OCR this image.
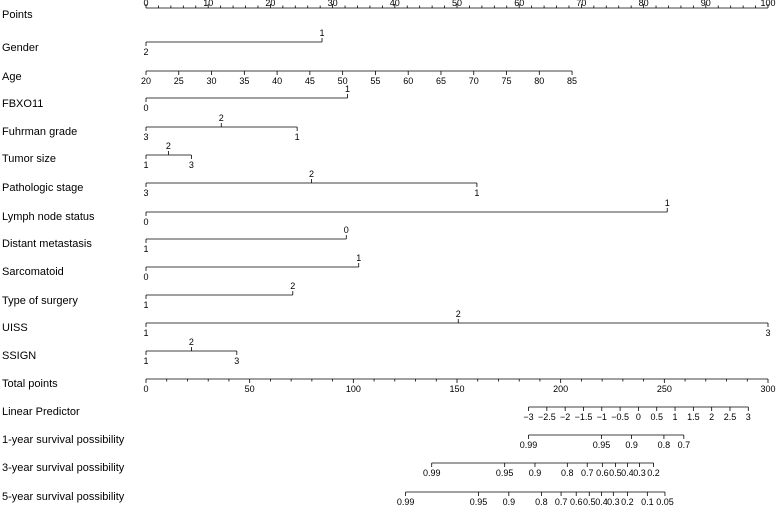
Points
0	10	20	30	40	50	60	70	80	90	100
Gender
1
2
Age	20	25	30	35	40	45	50	55	60	65	70	75	80	85
FBXO11
1
0
Fuhrman grade
2
3	1
Tumor size
2
1	3
Pathologic stage
2
3	1
Lymph node status
1
0
Distant metastasis
0
1
Sarcomatoid
1
0
Type of surgery
2
1
UISS
2
1	3
SSIGN
2
1	3
Total points	0	50	100	150	200	250	300
Linear Predictor	−3 −2.5 −2 −1.5 −1 −0.5 0 0.5 1 1.5 2 2.5 3
1-year survival possibility	0.99	0.95 0.9 0.8 0.7
3-year survival possibility	0.99	0.95 0.9 0.8 0.7 0.6 0.5 0.4 0.3 0.2
5-year survival possibility	0.99	0.95 0.9 0.8 0.7 0.6 0.5 0.4 0.3 0.2 0.1 0.05
